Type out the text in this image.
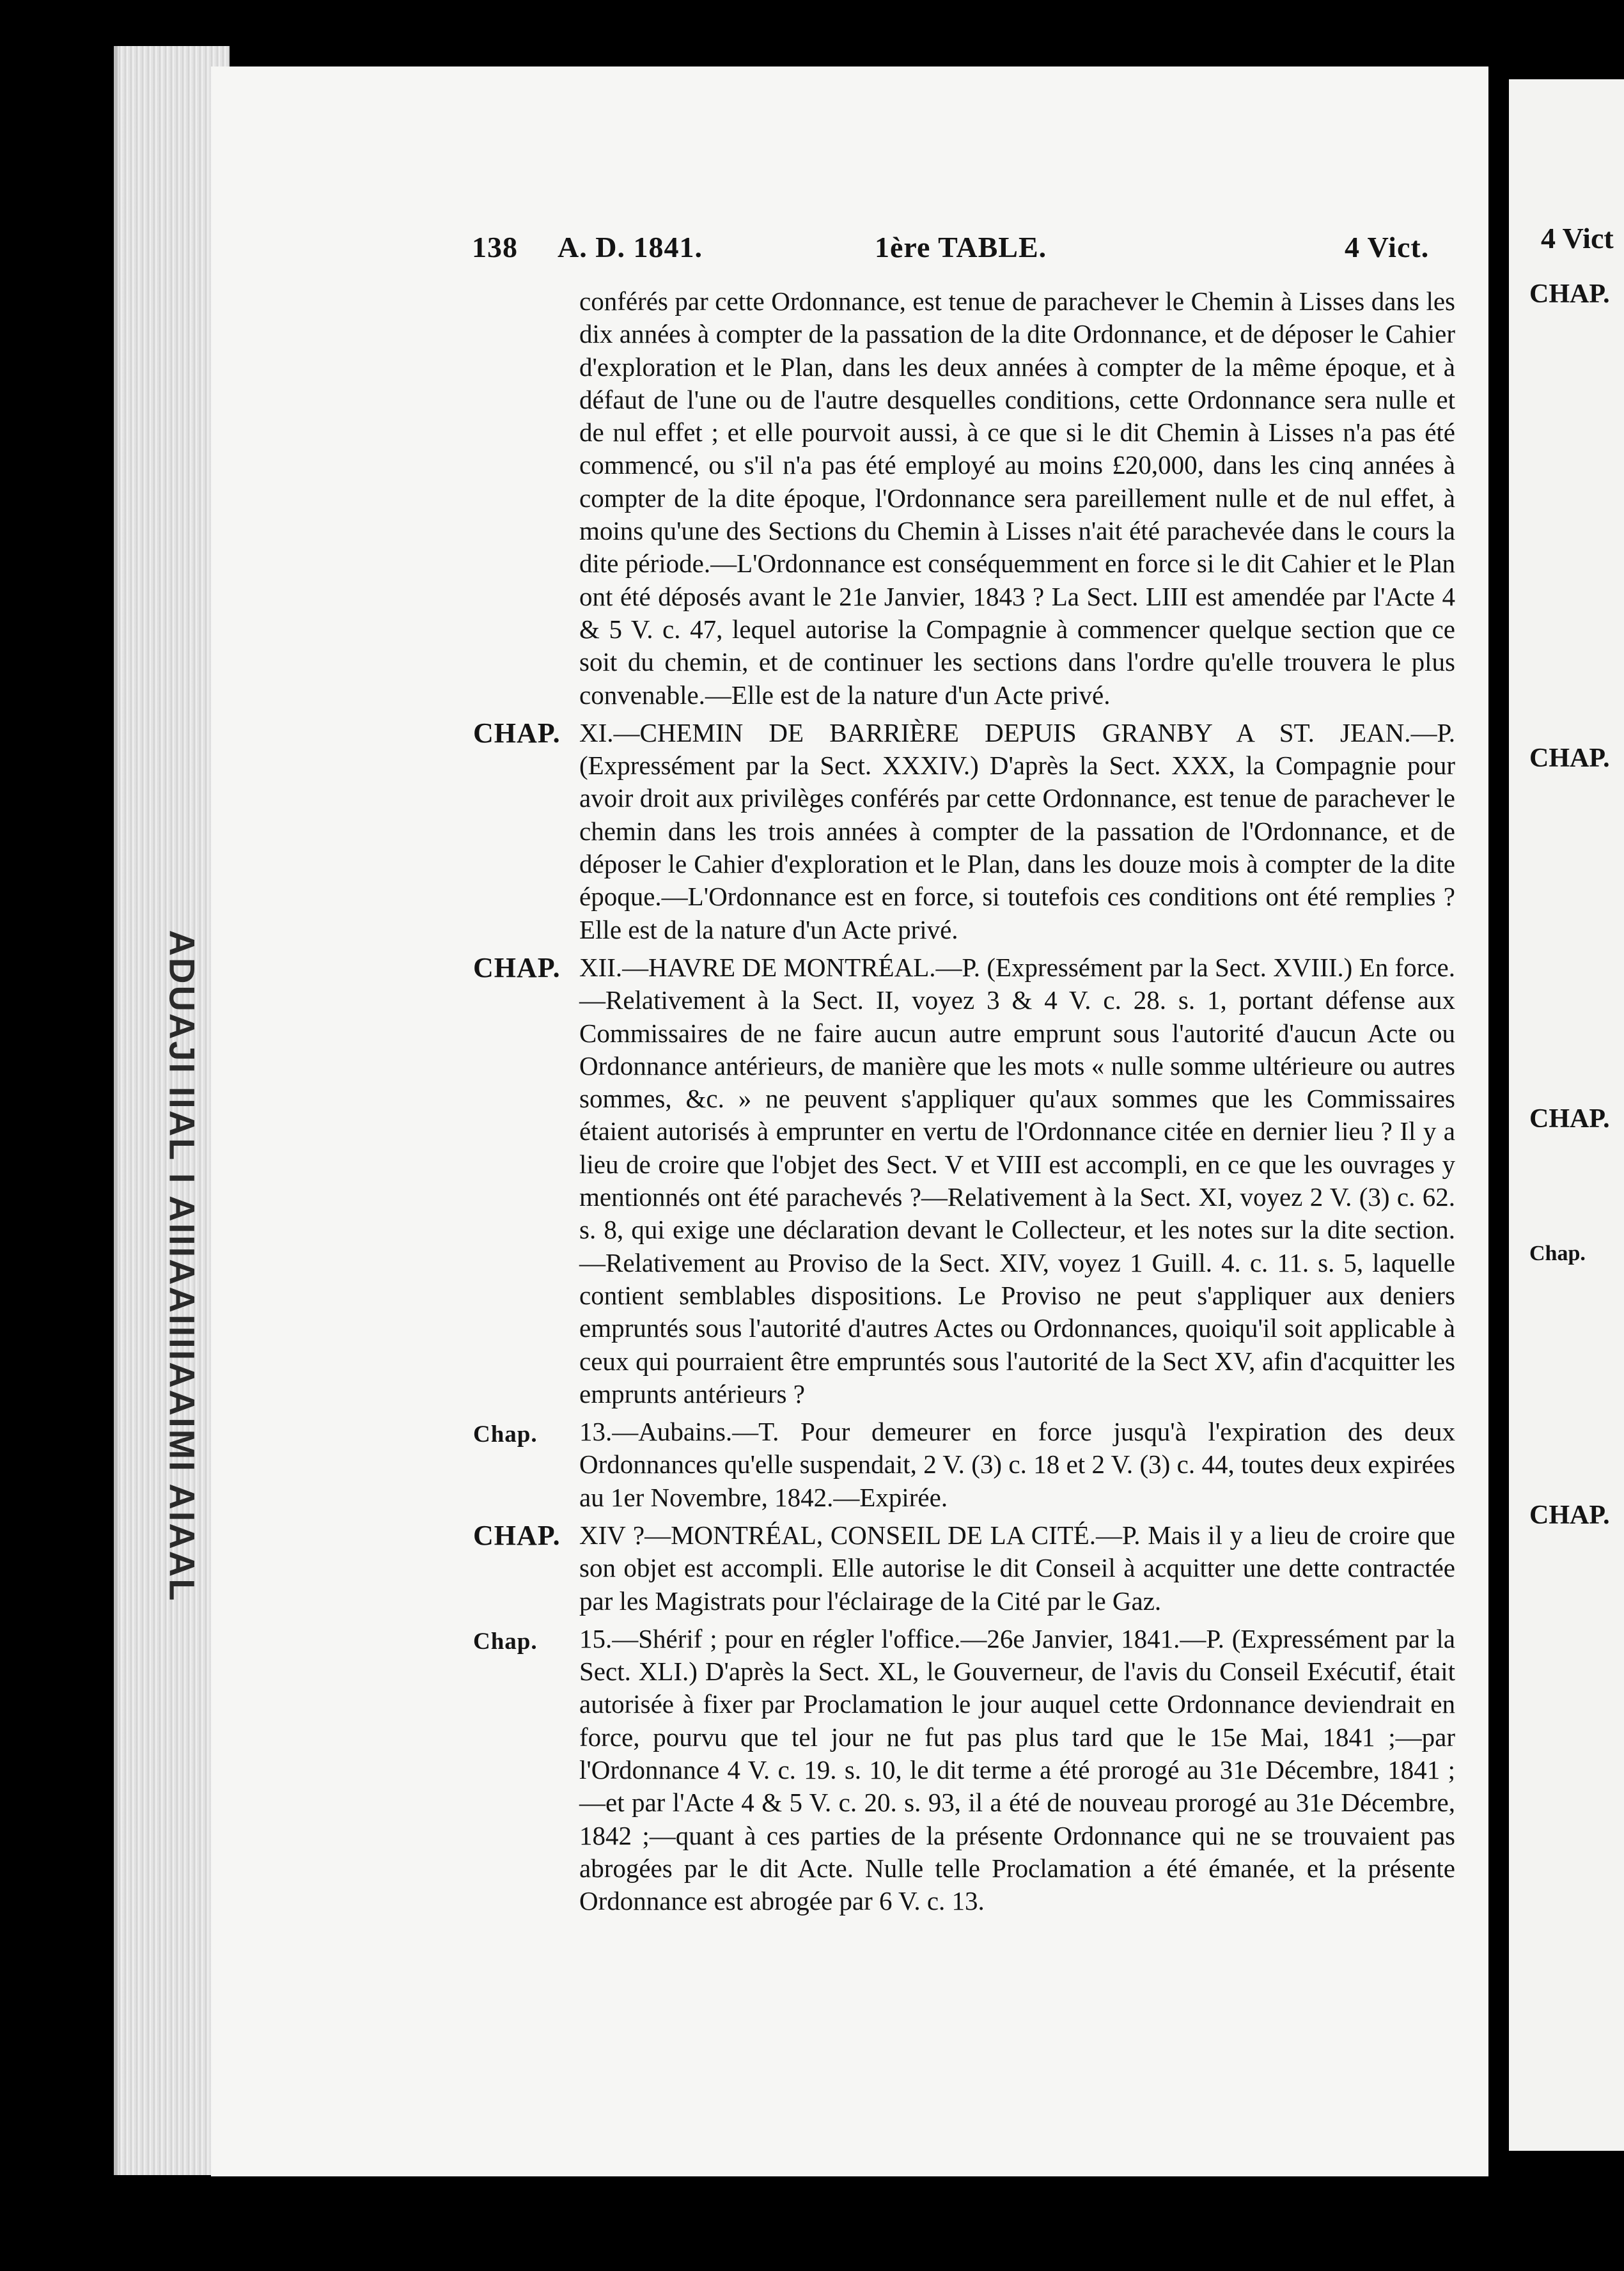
ADUAJI IIAL I AIIIAAIIIIAAIMI AIAAL
138 A. D. 1841.	1ère TABLE.	4 Vict.
conférés par cette Ordonnance, est tenue de parachever le Chemin à Lisses dans les dix années à compter de la passation de la dite Ordonnance, et de déposer le Cahier d'exploration et le Plan, dans les deux années à compter de la même époque, et à défaut de l'une ou de l'autre desquelles conditions, cette Ordonnance sera nulle et de nul effet ; et elle pourvoit aussi, à ce que si le dit Chemin à Lisses n'a pas été commencé, ou s'il n'a pas été employé au moins £20,000, dans les cinq années à compter de la dite époque, l'Ordonnance sera pareillement nulle et de nul effet, à moins qu'une des Sections du Chemin à Lisses n'ait été parachevée dans le cours la dite période.—L'Ordonnance est conséquemment en force si le dit Cahier et le Plan ont été déposés avant le 21e Janvier, 1843 ? La Sect. LIII est amendée par l'Acte 4 & 5 V. c. 47, lequel autorise la Compagnie à commencer quelque section que ce soit du chemin, et de continuer les sections dans l'ordre qu'elle trouvera le plus convenable.—Elle est de la nature d'un Acte privé.
CHAP. XI.—CHEMIN DE BARRIÈRE DEPUIS GRANBY A ST. JEAN.—P. (Expressément par la Sect. XXXIV.) D'après la Sect. XXX, la Compagnie pour avoir droit aux privilèges conférés par cette Ordonnance, est tenue de parachever le chemin dans les trois années à compter de la passation de l'Ordonnance, et de déposer le Cahier d'exploration et le Plan, dans les douze mois à compter de la dite époque.—L'Ordonnance est en force, si toutefois ces conditions ont été remplies ? Elle est de la nature d'un Acte privé.
CHAP. XII.—HAVRE DE MONTRÉAL.—P. (Expressément par la Sect. XVIII.) En force.—Relativement à la Sect. II, voyez 3 & 4 V. c. 28. s. 1, portant défense aux Commissaires de ne faire aucun autre emprunt sous l'autorité d'aucun Acte ou Ordonnance antérieurs, de manière que les mots « nulle somme ultérieure ou autres sommes, &c. » ne peuvent s'appliquer qu'aux sommes que les Commissaires étaient autorisés à emprunter en vertu de l'Ordonnance citée en dernier lieu ? Il y a lieu de croire que l'objet des Sect. V et VIII est accompli, en ce que les ouvrages y mentionnés ont été parachevés ?—Relativement à la Sect. XI, voyez 2 V. (3) c. 62. s. 8, qui exige une déclaration devant le Collecteur, et les notes sur la dite section.—Relativement au Proviso de la Sect. XIV, voyez 1 Guill. 4. c. 11. s. 5, laquelle contient semblables dispositions. Le Proviso ne peut s'appliquer aux deniers empruntés sous l'autorité d'autres Actes ou Ordonnances, quoiqu'il soit applicable à ceux qui pourraient être empruntés sous l'autorité de la Sect XV, afin d'acquitter les emprunts antérieurs ?
Chap.	13.—Aubains.—T. Pour demeurer en force jusqu'à l'expiration des deux Ordonnances qu'elle suspendait, 2 V. (3) c. 18 et 2 V. (3) c. 44, toutes deux expirées au 1er Novembre, 1842.—Expirée.
CHAP. XIV ?—MONTRÉAL, CONSEIL DE LA CITÉ.—P. Mais il y a lieu de croire que son objet est accompli. Elle autorise le dit Conseil à acquitter une dette contractée par les Magistrats pour l'éclairage de la Cité par le Gaz.
Chap.	15.—Shérif ; pour en régler l'office.—26e Janvier, 1841.—P. (Expressément par la Sect. XLI.) D'après la Sect. XL, le Gouverneur, de l'avis du Conseil Exécutif, était autorisée à fixer par Proclamation le jour auquel cette Ordonnance deviendrait en force, pourvu que tel jour ne fut pas plus tard que le 15e Mai, 1841 ;—par l'Ordonnance 4 V. c. 19. s. 10, le dit terme a été prorogé au 31e Décembre, 1841 ;—et par l'Acte 4 & 5 V. c. 20. s. 93, il a été de nouveau prorogé au 31e Décembre, 1842 ;—quant à ces parties de la présente Ordonnance qui ne se trouvaient pas abrogées par le dit Acte. Nulle telle Proclamation a été émanée, et la présente Ordonnance est abrogée par 6 V. c. 13.
4 Vict
CHAP.
CHAP.
CHAP.
Chap.
CHAP.
